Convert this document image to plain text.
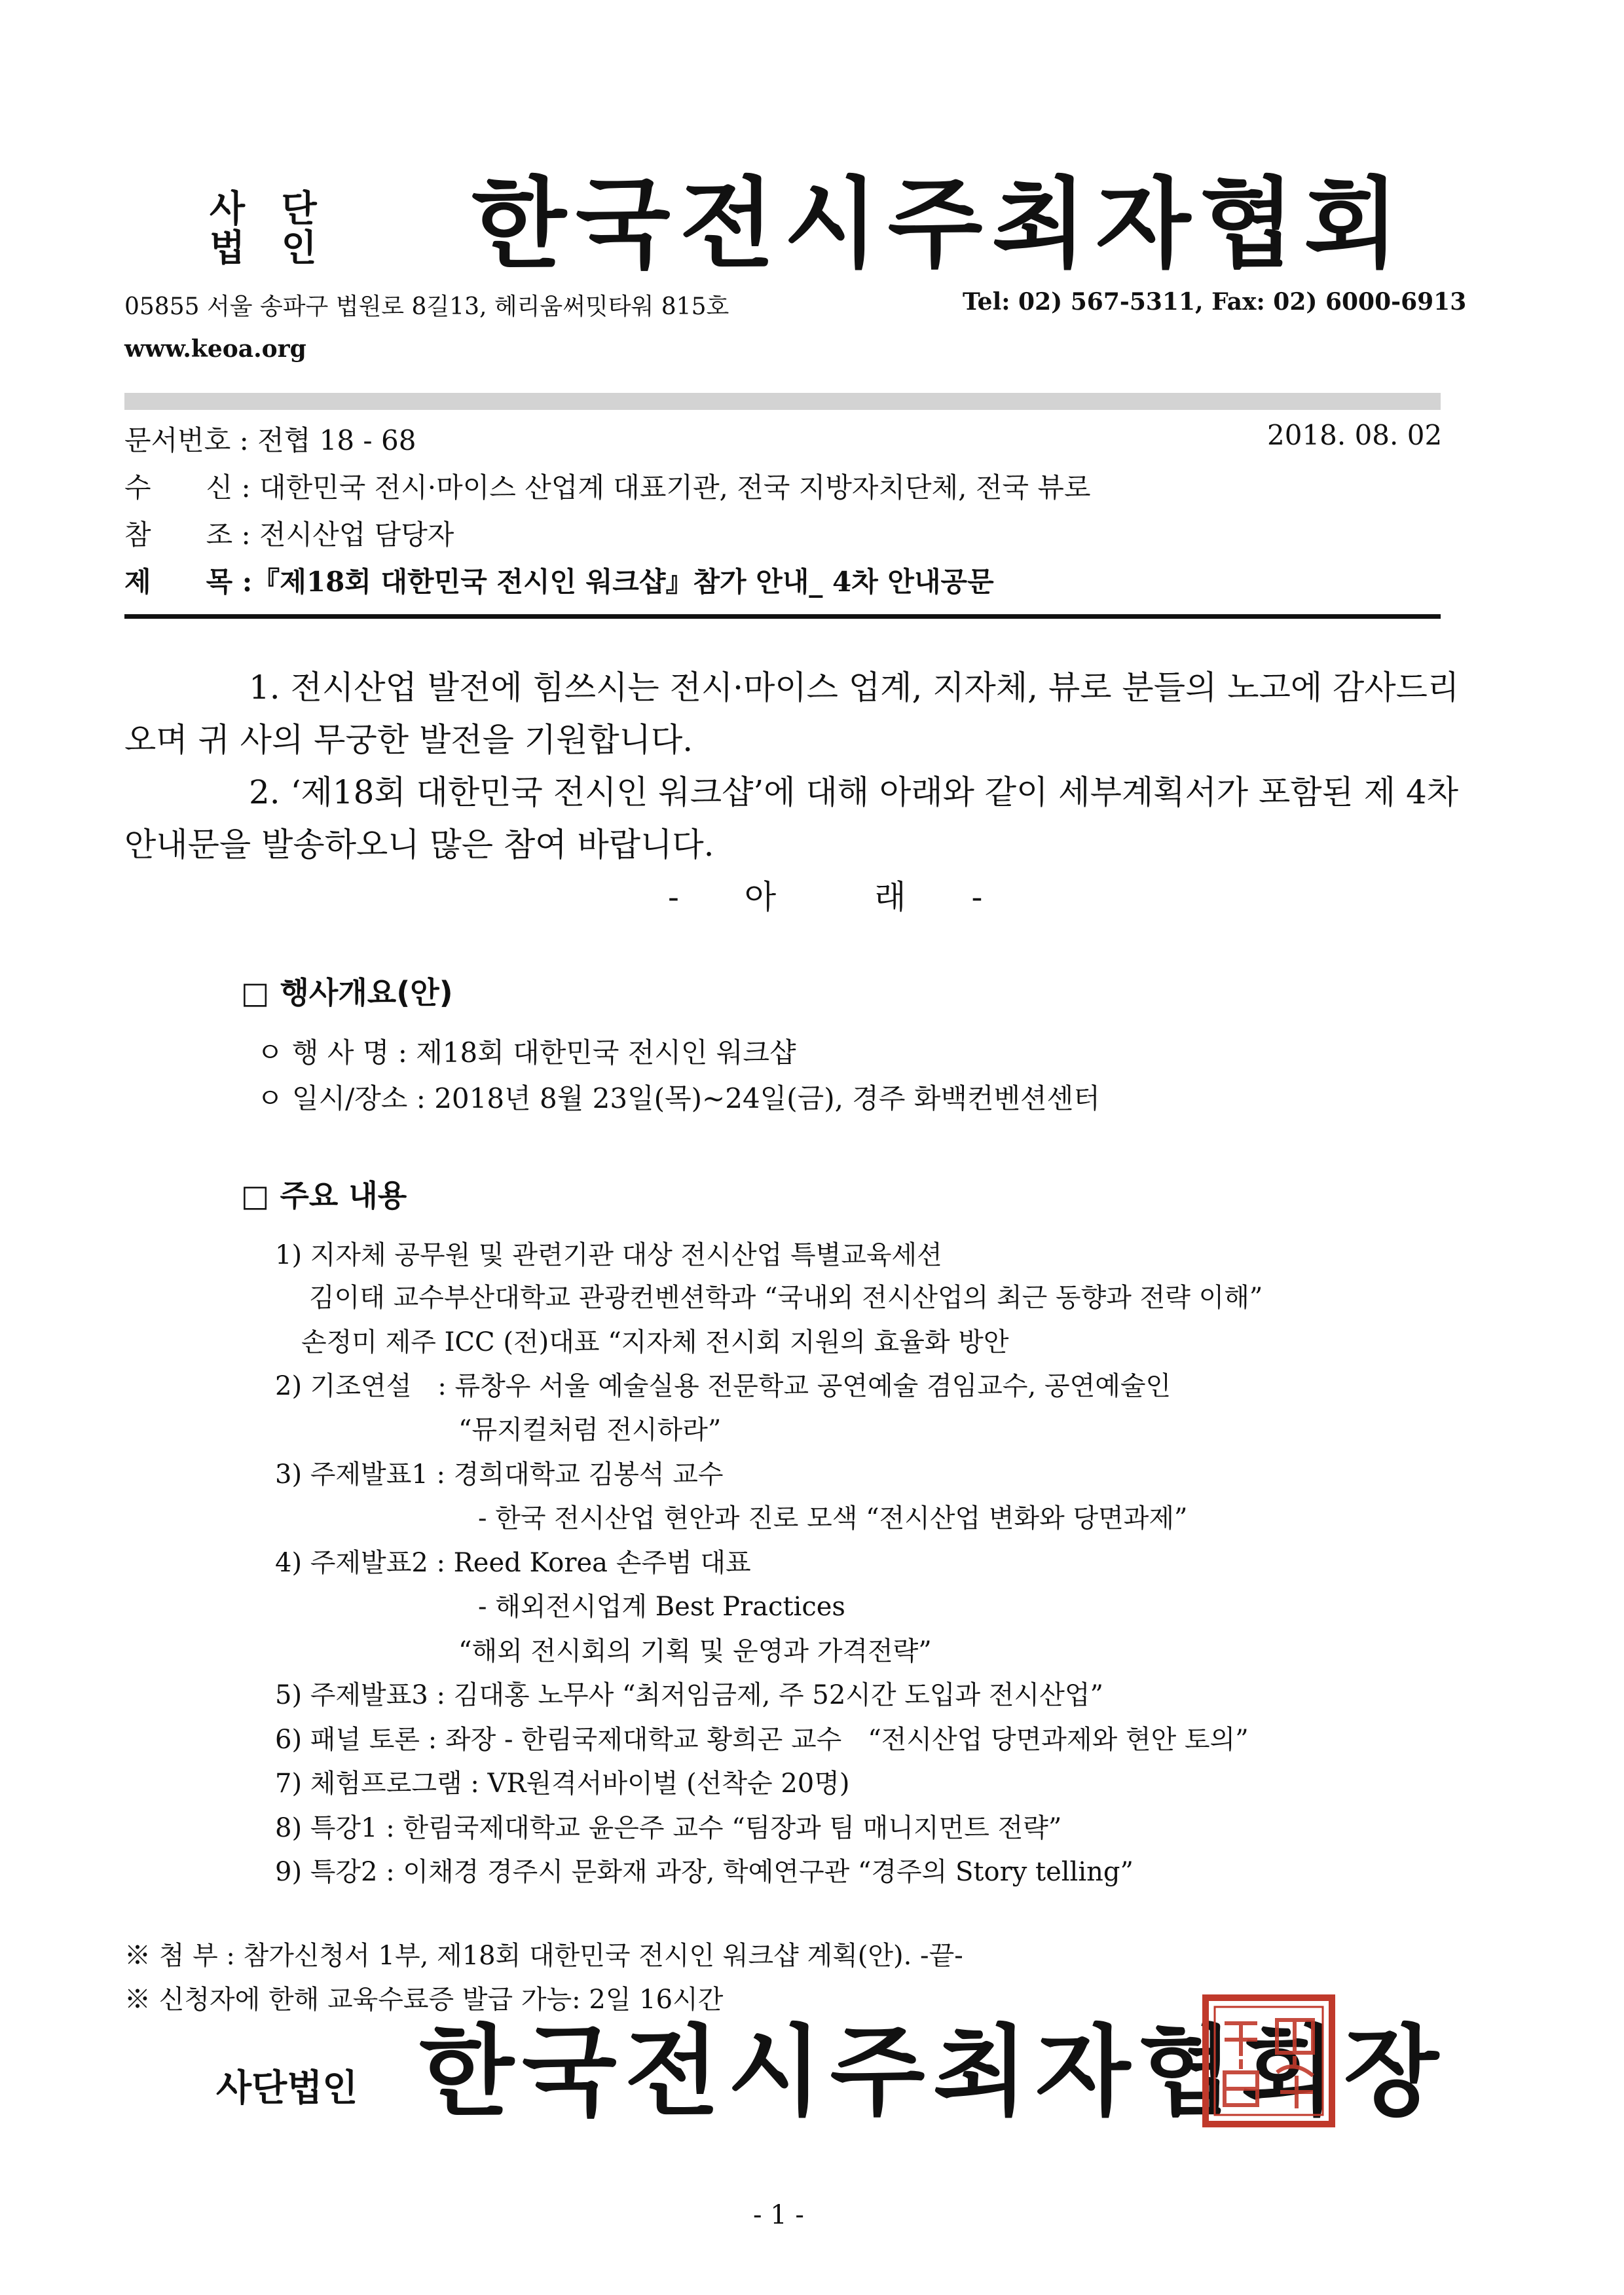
사 단
법 인 한국전시주최자협회
05855 서울 송파구 법원로 8길13, 헤리움써밋타워 815호	Tel: 02) 567-5311, Fax: 02) 6000-6913
www.keoa.org
문서번호 : 전협 18 - 68	2018. 08. 02
수　　신 : 대한민국 전시·마이스 산업계 대표기관, 전국 지방자치단체, 전국 뷰로
참　　조 : 전시산업 담당자
제　　목 :『제18회 대한민국 전시인 워크샵』참가 안내_ 4차 안내공문
1. 전시산업 발전에 힘쓰시는 전시·마이스 업계, 지자체, 뷰로 분들의 노고에 감사드리
오며 귀 사의 무궁한 발전을 기원합니다.
2. ‘제18회 대한민국 전시인 워크샵’에 대해 아래와 같이 세부계획서가 포함된 제 4차
안내문을 발송하오니 많은 참여 바랍니다.
-　　아　　　래　　-
□ 행사개요(안)
ㅇ 행 사 명 : 제18회 대한민국 전시인 워크샵
ㅇ 일시/장소 : 2018년 8월 23일(목)~24일(금), 경주 화백컨벤션센터
□ 주요 내용
1) 지자체 공무원 및 관련기관 대상 전시산업 특별교육세션
김이태 교수부산대학교 관광컨벤션학과 “국내외 전시산업의 최근 동향과 전략 이해”
손정미 제주 ICC (전)대표 “지자체 전시회 지원의 효율화 방안
2) 기조연설　: 류창우 서울 예술실용 전문학교 공연예술 겸임교수, 공연예술인
“뮤지컬처럼 전시하라”
3) 주제발표1 : 경희대학교 김봉석 교수
- 한국 전시산업 현안과 진로 모색 “전시산업 변화와 당면과제”
4) 주제발표2 : Reed Korea 손주범 대표
- 해외전시업계 Best Practices
“해외 전시회의 기획 및 운영과 가격전략”
5) 주제발표3 : 김대홍 노무사 “최저임금제, 주 52시간 도입과 전시산업”
6) 패널 토론 : 좌장 - 한림국제대학교 황희곤 교수　“전시산업 당면과제와 현안 토의”
7) 체험프로그램 : VR원격서바이벌 (선착순 20명)
8) 특강1 : 한림국제대학교 윤은주 교수 “팀장과 팀 매니지먼트 전략”
9) 특강2 : 이채경 경주시 문화재 과장, 학예연구관 “경주의 Story telling”
※ 첨 부 : 참가신청서 1부, 제18회 대한민국 전시인 워크샵 계획(안). -끝-
※ 신청자에 한해 교육수료증 발급 가능: 2일 16시간
사단법인 한국전시주최자협회장
- 1 -
